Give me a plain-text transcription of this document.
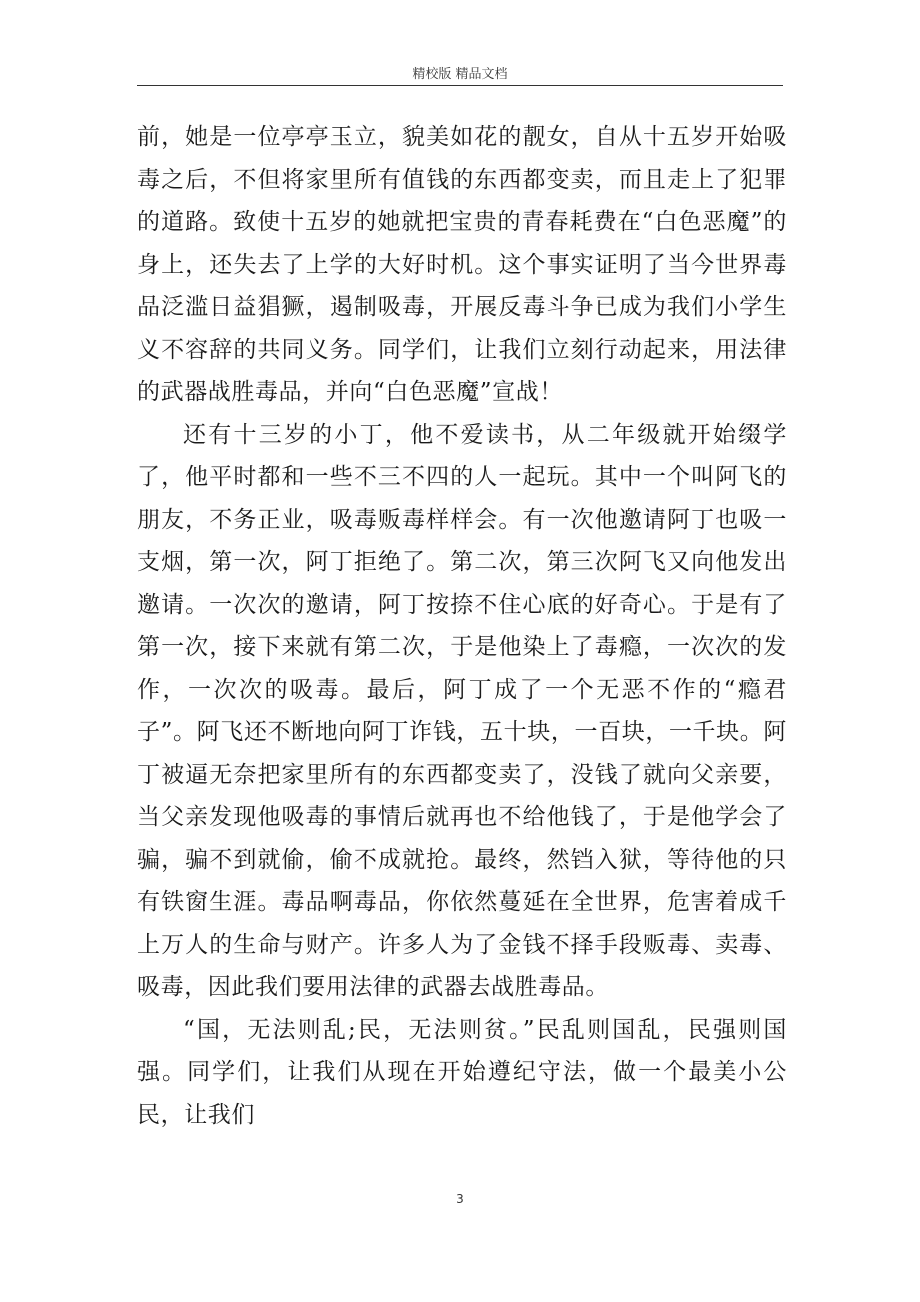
精校版 精品文档

前，她是一位亭亭玉立，貌美如花的靓女，自从十五岁开始吸毒之后，不但将家里所有值钱的东西都变卖，而且走上了犯罪的道路。致使十五岁的她就把宝贵的青春耗费在“白色恶魔”的身上，还失去了上学的大好时机。这个事实证明了当今世界毒品泛滥日益猖獗，遏制吸毒，开展反毒斗争已成为我们小学生义不容辞的共同义务。同学们，让我们立刻行动起来，用法律的武器战胜毒品，并向“白色恶魔”宣战！

还有十三岁的小丁，他不爱读书，从二年级就开始缀学了，他平时都和一些不三不四的人一起玩。其中一个叫阿飞的朋友，不务正业，吸毒贩毒样样会。有一次他邀请阿丁也吸一支烟，第一次，阿丁拒绝了。第二次，第三次阿飞又向他发出邀请。一次次的邀请，阿丁按捺不住心底的好奇心。于是有了第一次，接下来就有第二次，于是他染上了毒瘾，一次次的发作，一次次的吸毒。最后，阿丁成了一个无恶不作的“瘾君子”。阿飞还不断地向阿丁诈钱，五十块，一百块，一千块。阿丁被逼无奈把家里所有的东西都变卖了，没钱了就向父亲要，当父亲发现他吸毒的事情后就再也不给他钱了，于是他学会了骗，骗不到就偷，偷不成就抢。最终，然铛入狱，等待他的只有铁窗生涯。毒品啊毒品，你依然蔓延在全世界，危害着成千上万人的生命与财产。许多人为了金钱不择手段贩毒、卖毒、吸毒，因此我们要用法律的武器去战胜毒品。

“国，无法则乱;民，无法则贫。”民乱则国乱，民强则国强。同学们，让我们从现在开始遵纪守法，做一个最美小公民，让我们

3
